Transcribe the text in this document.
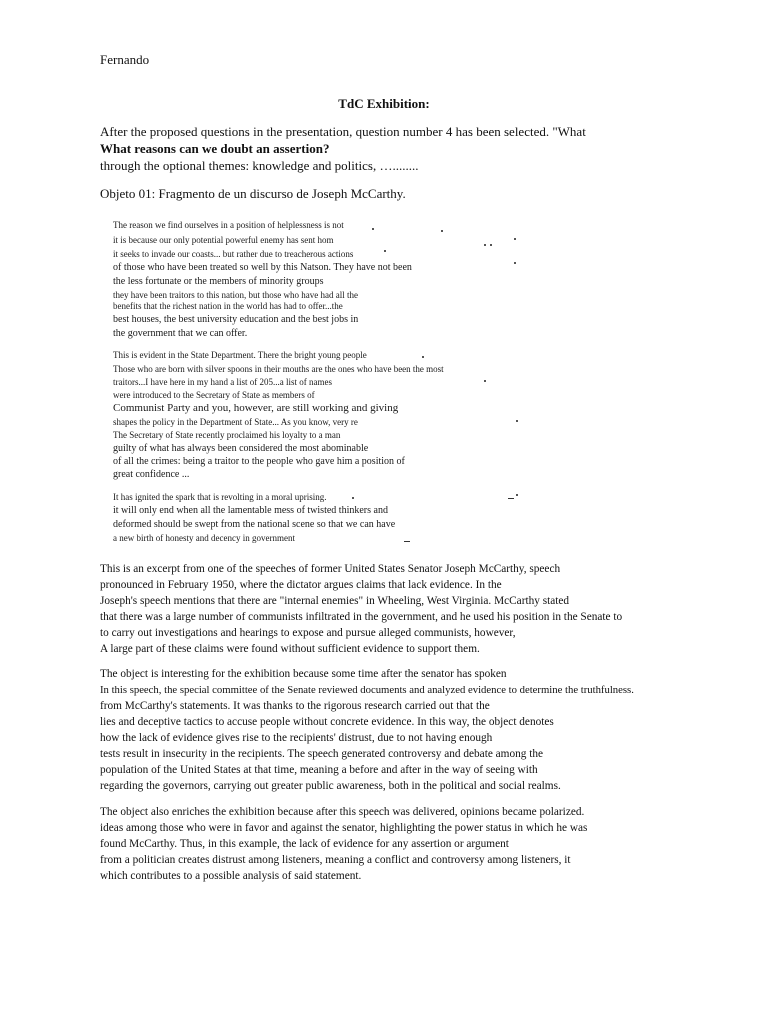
Fernando
TdC Exhibition:
After the proposed questions in the presentation, question number 4 has been selected. "What
What reasons can we doubt an assertion?
through the optional themes: knowledge and politics, …........
Objeto 01: Fragmento de un discurso de Joseph McCarthy.
The reason we find ourselves in a position of helplessness is not
it is because our only potential powerful enemy has sent hom
it seeks to invade our coasts... but rather due to treacherous actions
of those who have been treated so well by this Natson. They have not been
the less fortunate or the members of minority groups
they have been traitors to this nation, but those who have had all the
benefits that the richest nation in the world has had to offer...the
best houses, the best university education and the best jobs in
the government that we can offer.
This is evident in the State Department. There the bright young people
Those who are born with silver spoons in their mouths are the ones who have been the most
traitors...I have here in my hand a list of 205...a list of names
were introduced to the Secretary of State as members of
Communist Party and you, however, are still working and giving
shapes the policy in the Department of State... As you know, very re
The Secretary of State recently proclaimed his loyalty to a man
guilty of what has always been considered the most abominable
of all the crimes: being a traitor to the people who gave him a position of
great confidence ...
It has ignited the spark that is revolting in a moral uprising.
it will only end when all the lamentable mess of twisted thinkers and
deformed should be swept from the national scene so that we can have
a new birth of honesty and decency in government
This is an excerpt from one of the speeches of former United States Senator Joseph McCarthy, speech
pronounced in February 1950, where the dictator argues claims that lack evidence. In the
Joseph's speech mentions that there are "internal enemies" in Wheeling, West Virginia. McCarthy stated
that there was a large number of communists infiltrated in the government, and he used his position in the Senate to
to carry out investigations and hearings to expose and pursue alleged communists, however,
A large part of these claims were found without sufficient evidence to support them.
The object is interesting for the exhibition because some time after the senator has spoken
In this speech, the special committee of the Senate reviewed documents and analyzed evidence to determine the truthfulness.
from McCarthy's statements. It was thanks to the rigorous research carried out that the
lies and deceptive tactics to accuse people without concrete evidence. In this way, the object denotes
how the lack of evidence gives rise to the recipients' distrust, due to not having enough
tests result in insecurity in the recipients. The speech generated controversy and debate among the
population of the United States at that time, meaning a before and after in the way of seeing with
regarding the governors, carrying out greater public awareness, both in the political and social realms.
The object also enriches the exhibition because after this speech was delivered, opinions became polarized.
ideas among those who were in favor and against the senator, highlighting the power status in which he was
found McCarthy. Thus, in this example, the lack of evidence for any assertion or argument
from a politician creates distrust among listeners, meaning a conflict and controversy among listeners, it
which contributes to a possible analysis of said statement.
